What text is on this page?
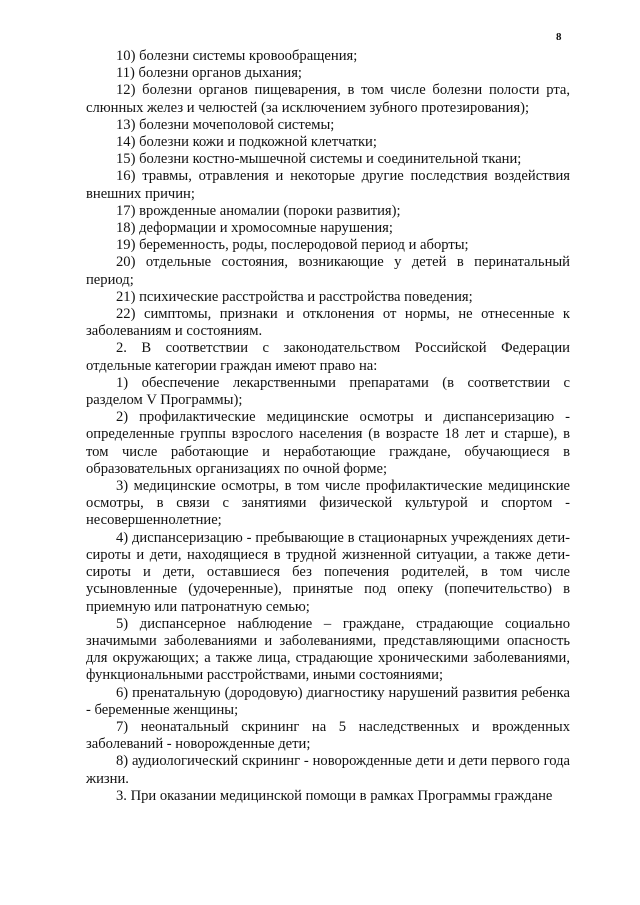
8

10) болезни системы кровообращения;

11) болезни органов дыхания;

12) болезни органов пищеварения, в том числе болезни полости рта, слюнных желез и челюстей (за исключением зубного протезирования);

13) болезни мочеполовой системы;

14) болезни кожи и подкожной клетчатки;

15) болезни костно-мышечной системы и соединительной ткани;

16) травмы, отравления и некоторые другие последствия воздействия внешних причин;

17) врожденные аномалии (пороки развития);

18) деформации и хромосомные нарушения;

19) беременность, роды, послеродовой период и аборты;

20) отдельные состояния, возникающие у детей в перинатальный период;

21) психические расстройства и расстройства поведения;

22) симптомы, признаки и отклонения от нормы, не отнесенные к заболеваниям и состояниям.

2. В соответствии с законодательством Российской Федерации отдельные категории граждан имеют право на:

1) обеспечение лекарственными препаратами (в соответствии с разделом V Программы);

2) профилактические медицинские осмотры и диспансеризацию - определенные группы взрослого населения (в возрасте 18 лет и старше), в том числе работающие и неработающие граждане, обучающиеся в образовательных организациях по очной форме;

3) медицинские осмотры, в том числе профилактические медицинские осмотры, в связи с занятиями физической культурой и спортом - несовершеннолетние;

4) диспансеризацию - пребывающие в стационарных учреждениях дети-сироты и дети, находящиеся в трудной жизненной ситуации, а также дети-сироты и дети, оставшиеся без попечения родителей, в том числе усыновленные (удочеренные), принятые под опеку (попечительство) в приемную или патронатную семью;

5) диспансерное наблюдение – граждане, страдающие социально значимыми заболеваниями и заболеваниями, представляющими опасность для окружающих; а также лица, страдающие хроническими заболеваниями, функциональными расстройствами, иными состояниями;

6) пренатальную (дородовую) диагностику нарушений развития ребенка - беременные женщины;

7) неонатальный скрининг на 5 наследственных и врожденных заболеваний - новорожденные дети;

8) аудиологический скрининг - новорожденные дети и дети первого года жизни.

3. При оказании медицинской помощи в рамках Программы граждане
